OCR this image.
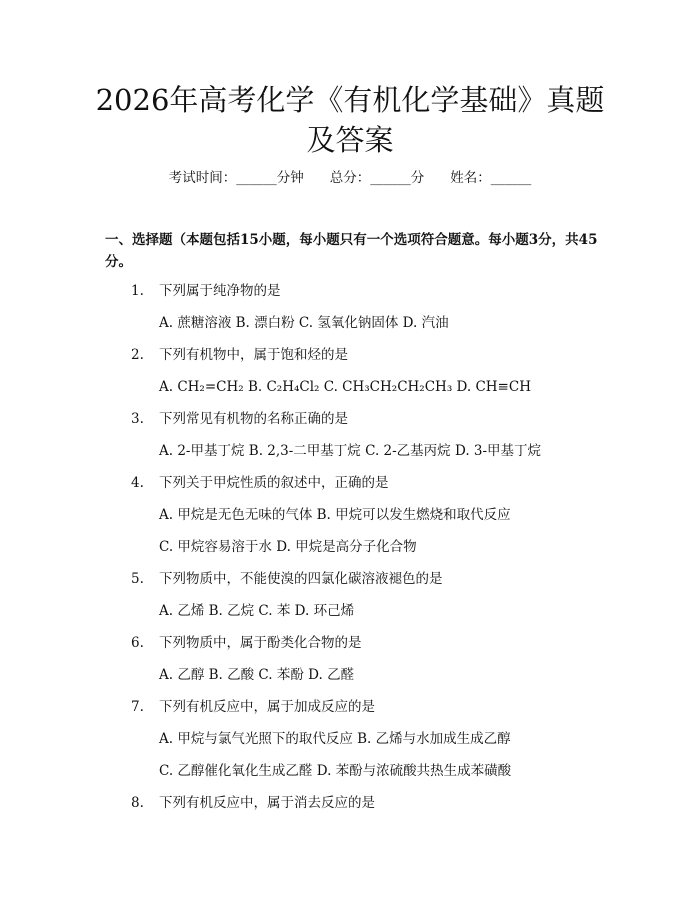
2026年高考化学《有机化学基础》真题及答案
考试时间：______分钟 总分：______分 姓名：______

一、选择题（本题包括15小题，每小题只有一个选项符合题意。每小题3分，共45分。

1. 下列属于纯净物的是
A. 蔗糖溶液 B. 漂白粉 C. 氢氧化钠固体 D. 汽油
2. 下列有机物中，属于饱和烃的是
A. CH₂=CH₂ B. C₂H₄Cl₂ C. CH₃CH₂CH₂CH₃ D. CH≡CH
3. 下列常见有机物的名称正确的是
A. 2-甲基丁烷 B. 2,3-二甲基丁烷 C. 2-乙基丙烷 D. 3-甲基丁烷
4. 下列关于甲烷性质的叙述中，正确的是
A. 甲烷是无色无味的气体 B. 甲烷可以发生燃烧和取代反应
C. 甲烷容易溶于水 D. 甲烷是高分子化合物
5. 下列物质中，不能使溴的四氯化碳溶液褪色的是
A. 乙烯 B. 乙烷 C. 苯 D. 环己烯
6. 下列物质中，属于酚类化合物的是
A. 乙醇 B. 乙酸 C. 苯酚 D. 乙醛
7. 下列有机反应中，属于加成反应的是
A. 甲烷与氯气光照下的取代反应 B. 乙烯与水加成生成乙醇
C. 乙醇催化氧化生成乙醛 D. 苯酚与浓硫酸共热生成苯磺酸
8. 下列有机反应中，属于消去反应的是
